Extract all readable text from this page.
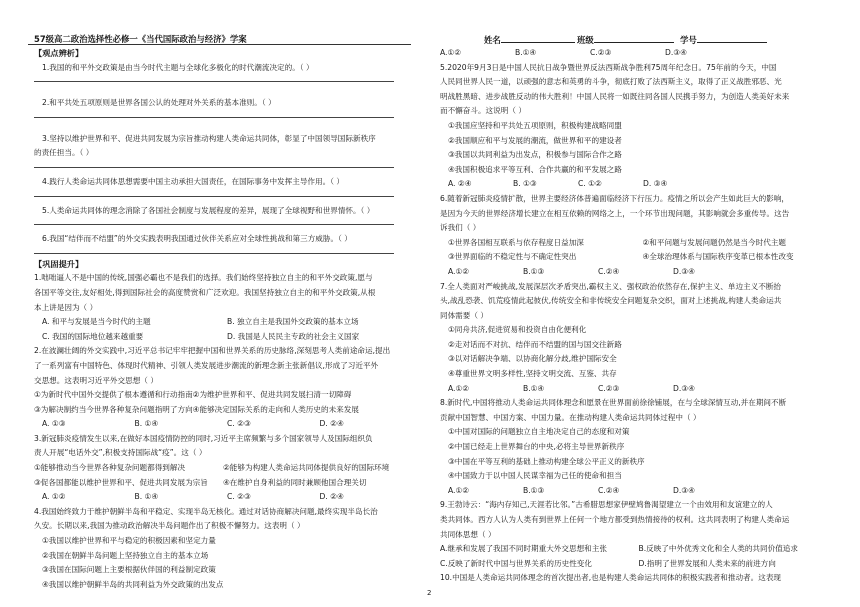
57级高二政治选择性必修一《当代国际政治与经济》学案	姓名	班级	学号
【观点辨析】

1.我国的和平外交政策是由当今时代主题与全球化多极化的时代潮流决定的。（ ）

2.和平共处五项原则是世界各国公认的处理对外关系的基本准则。（ ）

3.坚持以维护世界和平、促进共同发展为宗旨推动构建人类命运共同体，彰显了中国领导国际新秩序

的责任担当。（ ）

4.践行人类命运共同体思想需要中国主动承担大国责任，在国际事务中发挥主导作用。（ ）

5.人类命运共同体的理念消除了各国社会制度与发展程度的差异，展现了全球视野和世界情怀。（ ）

6.我国“结伴而不结盟”的外交实践表明我国通过伙伴关系应对全球性挑战和第三方威胁。（ ）

【巩固提升】

1.咄咄逼人不是中国的传统,国强必霸也不是我们的选择。我们始终坚持独立自主的和平外交政策,愿与

各国平等交往,友好相处,得到国际社会的高度赞赏和广泛欢迎。我国坚持独立自主的和平外交政策,从根

本上讲是因为（ ）

A. 和平与发展是当今时代的主题	B. 独立自主是我国外交政策的基本立场
C. 我国的国际地位越来越重要	D. 我国是人民民主专政的社会主义国家

2.在波澜壮阔的外交实践中,习近平总书记牢牢把握中国和世界关系的历史脉络,深刻思考人类前途命运,提出

了一系列富有中国特色、体现时代精神、引领人类发展进步潮流的新理念新主张新倡议,形成了习近平外

交思想。这表明习近平外交思想（ ）

①为新时代中国外交提供了根本遵循和行动指南②为维护世界和平、促进共同发展扫清一切障碍

③为解决制约当今世界各种复杂问题指明了方向④能够决定国际关系的走向和人类历史的未来发展

A. ①③	B. ①④	C. ②③	D. ②④

3.新冠肺炎疫情发生以来,在做好本国疫情防控的同时,习近平主席频繁与多个国家领导人及国际组织负

责人开展“电话外交”,积极支持国际战“疫”。这（ ）

①能够推动当今世界各种复杂问题都得到解决	②能够为构建人类命运共同体提供良好的国际环境
③促各国都能以维护世界和平、促进共同发展为宗旨	④在维护自身利益的同时兼顾他国合理关切
A. ①②	B. ①④	C. ②③	D. ②④

4.我国始终致力于维护朝鲜半岛和平稳定、实现半岛无核化。通过对话协商解决问题,最终实现半岛长治

久安。长期以来,我国为推动政治解决半岛问题作出了积极不懈努力。这表明（ ）

①我国以维护世界和平与稳定的积极因素和坚定力量

②我国在朝鲜半岛问题上坚持独立自主的基本立场

③我国在国际问题上主要根据伙伴国的利益制定政策

④我国以维护朝鲜半岛的共同利益为外交政策的出发点

A.①②	B.①④	C.②③	D.③④

5.2020年9月3日是中国人民抗日战争暨世界反法西斯战争胜利75周年纪念日。75年前的今天，中国

人民同世界人民一道，以顽强的意志和英勇的斗争，彻底打败了法西斯主义，取得了正义战胜邪恶、光

明战胜黑暗、进步战胜反动的伟大胜利！中国人民将一如既往同各国人民携手努力，为创造人类美好未来

而不懈奋斗。这说明（ ）

①我国应坚持和平共处五项原则，积极构建战略同盟

②我国顺应和平与发展的潮流，做世界和平的建设者

③我国以共同利益为出发点，积极参与国际合作之路

④我国积极追求平等互利、合作共赢的和平发展之路

A. ②④	B. ①③	C. ①②	D. ③④

6.随着新冠肺炎疫情扩散，世界主要经济体普遍面临经济下行压力。疫情之所以会产生如此巨大的影响，

是因为今天的世界经济增长建立在相互依赖的网络之上，一个环节出现问题，其影响就会多重传导。这告

诉我们（ ）

①世界各国相互联系与依存程度日益加深	②和平问题与发展问题仍然是当今时代主题
③世界面临的不稳定性与不确定性突出	④全球治理体系与国际秩序变革已根本性改变
A.①②	B.①③	C.②④	D.③④

7.全人类面对严峻挑战,发展深层次矛盾突出,霸权主义、强权政治依然存在,保护主义、单边主义不断抬

头,战乱恐袭、饥荒疫情此起彼伏,传统安全和非传统安全问题复杂交织，面对上述挑战,构建人类命运共

同体需要（ ）

①同舟共济,促进贸易和投资自由化便利化

②走对话而不对抗、结伴而不结盟的国与国交往新路

③以对话解决争端、以协商化解分歧,维护国际安全

④尊重世界文明多样性,坚持文明交流、互鉴、共存

A.①②	B.①④	C.②③	D.③④

8.新时代,中国将推动人类命运共同体理念和愿景在世界面前徐徐铺展，在与全球深情互动,并在期间不断

贡献中国智慧、中国方案、中国力量。在推动构建人类命运共同体过程中（ ）

①中国对国际的问题独立自主地决定自己的态度和对策

②中国已经走上世界舞台的中央,必将主导世界新秩序

③中国在平等互利的基础上推动构建全球公平正义的新秩序

④中国致力于以中国人民谋幸福为己任的使命和担当

A.①②	B.①③	C.②④	D.③④

9.王勃诗云：“海内存知己,天涯若比邻。”古希腊思想家伊壁鸠鲁渴望建立一个由效用和友谊建立的人

类共同体。西方人认为人类有到世界上任何一个地方都受到热情接待的权利。这共同表明了构建人类命运

共同体思想（ ）

A.继承和发展了我国不同时期重大外交思想和主张	B.反映了中外优秀文化和全人类的共同价值追求
C.反映了新时代中国与世界关系的历史性变化	D.指明了世界发展和人类未来的前进方向

10.中国是人类命运共同体理念的首次提出者,也是构建人类命运共同体的积极实践者和推动者。这表现

2
